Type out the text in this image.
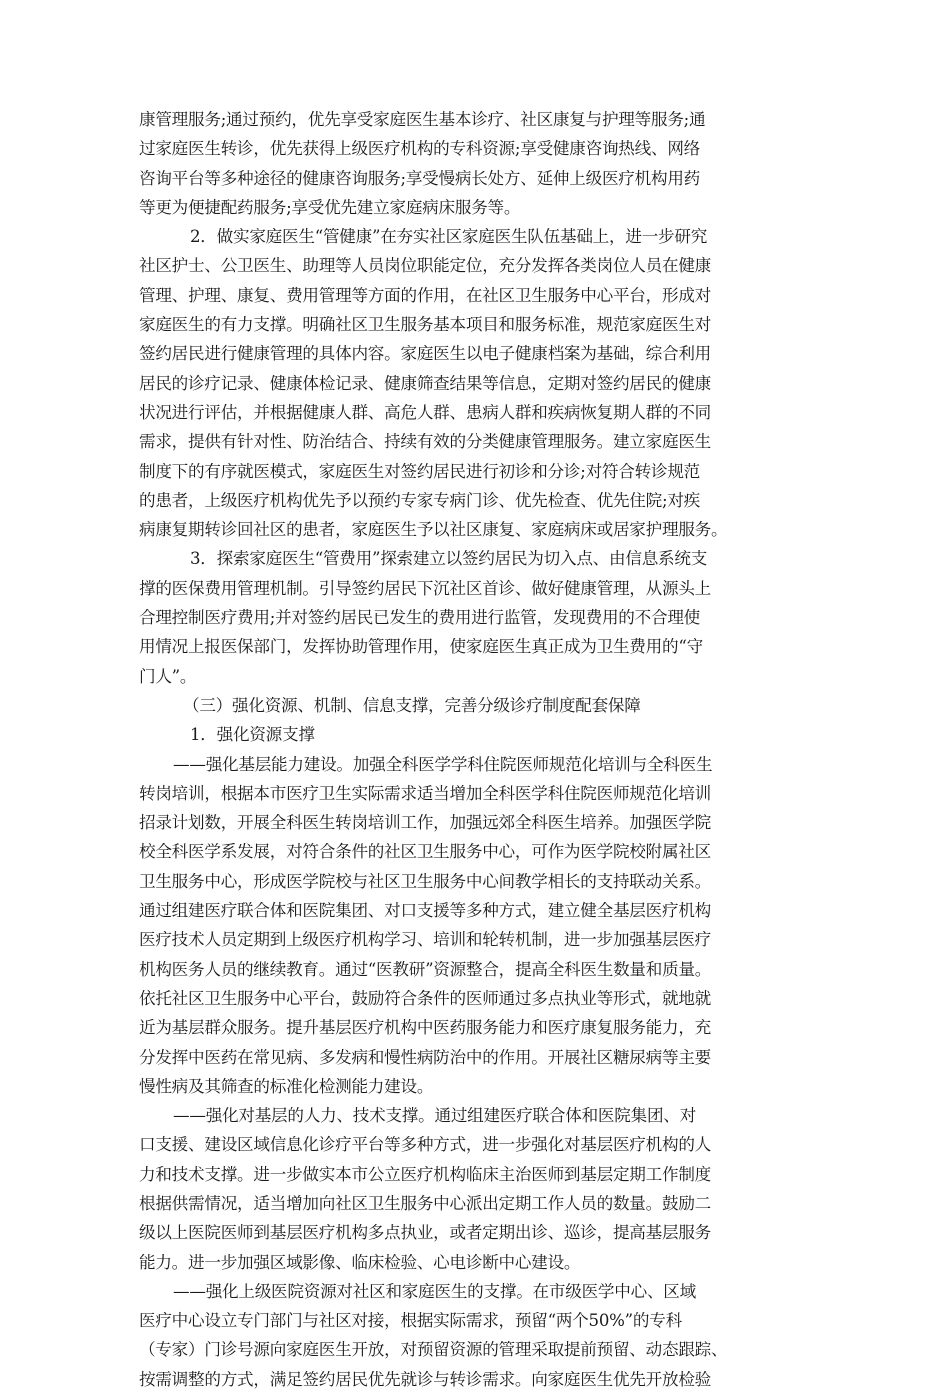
康管理服务;通过预约，优先享受家庭医生基本诊疗、社区康复与护理等服务;通
过家庭医生转诊，优先获得上级医疗机构的专科资源;享受健康咨询热线、网络
咨询平台等多种途径的健康咨询服务;享受慢病长处方、延伸上级医疗机构用药
等更为便捷配药服务;享受优先建立家庭病床服务等。
2．做实家庭医生“管健康”在夯实社区家庭医生队伍基础上，进一步研究
社区护士、公卫医生、助理等人员岗位职能定位，充分发挥各类岗位人员在健康
管理、护理、康复、费用管理等方面的作用，在社区卫生服务中心平台，形成对
家庭医生的有力支撑。明确社区卫生服务基本项目和服务标准，规范家庭医生对
签约居民进行健康管理的具体内容。家庭医生以电子健康档案为基础，综合利用
居民的诊疗记录、健康体检记录、健康筛查结果等信息，定期对签约居民的健康
状况进行评估，并根据健康人群、高危人群、患病人群和疾病恢复期人群的不同
需求，提供有针对性、防治结合、持续有效的分类健康管理服务。建立家庭医生
制度下的有序就医模式，家庭医生对签约居民进行初诊和分诊;对符合转诊规范
的患者，上级医疗机构优先予以预约专家专病门诊、优先检查、优先住院;对疾
病康复期转诊回社区的患者，家庭医生予以社区康复、家庭病床或居家护理服务。
3．探索家庭医生“管费用”探索建立以签约居民为切入点、由信息系统支
撑的医保费用管理机制。引导签约居民下沉社区首诊、做好健康管理，从源头上
合理控制医疗费用;并对签约居民已发生的费用进行监管，发现费用的不合理使
用情况上报医保部门，发挥协助管理作用，使家庭医生真正成为卫生费用的“守
门人”。
（三）强化资源、机制、信息支撑，完善分级诊疗制度配套保障
1．强化资源支撑
——强化基层能力建设。加强全科医学学科住院医师规范化培训与全科医生
转岗培训，根据本市医疗卫生实际需求适当增加全科医学科住院医师规范化培训
招录计划数，开展全科医生转岗培训工作，加强远郊全科医生培养。加强医学院
校全科医学系发展，对符合条件的社区卫生服务中心，可作为医学院校附属社区
卫生服务中心，形成医学院校与社区卫生服务中心间教学相长的支持联动关系。
通过组建医疗联合体和医院集团、对口支援等多种方式，建立健全基层医疗机构
医疗技术人员定期到上级医疗机构学习、培训和轮转机制，进一步加强基层医疗
机构医务人员的继续教育。通过“医教研”资源整合，提高全科医生数量和质量。
依托社区卫生服务中心平台，鼓励符合条件的医师通过多点执业等形式，就地就
近为基层群众服务。提升基层医疗机构中医药服务能力和医疗康复服务能力，充
分发挥中医药在常见病、多发病和慢性病防治中的作用。开展社区糖尿病等主要
慢性病及其筛查的标准化检测能力建设。
——强化对基层的人力、技术支撑。通过组建医疗联合体和医院集团、对
口支援、建设区域信息化诊疗平台等多种方式，进一步强化对基层医疗机构的人
力和技术支撑。进一步做实本市公立医疗机构临床主治医师到基层定期工作制度
根据供需情况，适当增加向社区卫生服务中心派出定期工作人员的数量。鼓励二
级以上医院医师到基层医疗机构多点执业，或者定期出诊、巡诊，提高基层服务
能力。进一步加强区域影像、临床检验、心电诊断中心建设。
——强化上级医院资源对社区和家庭医生的支撑。在市级医学中心、区域
医疗中心设立专门部门与社区对接，根据实际需求，预留“两个50%”的专科
（专家）门诊号源向家庭医生开放，对预留资源的管理采取提前预留、动态跟踪、
按需调整的方式，满足签约居民优先就诊与转诊需求。向家庭医生优先开放检验
